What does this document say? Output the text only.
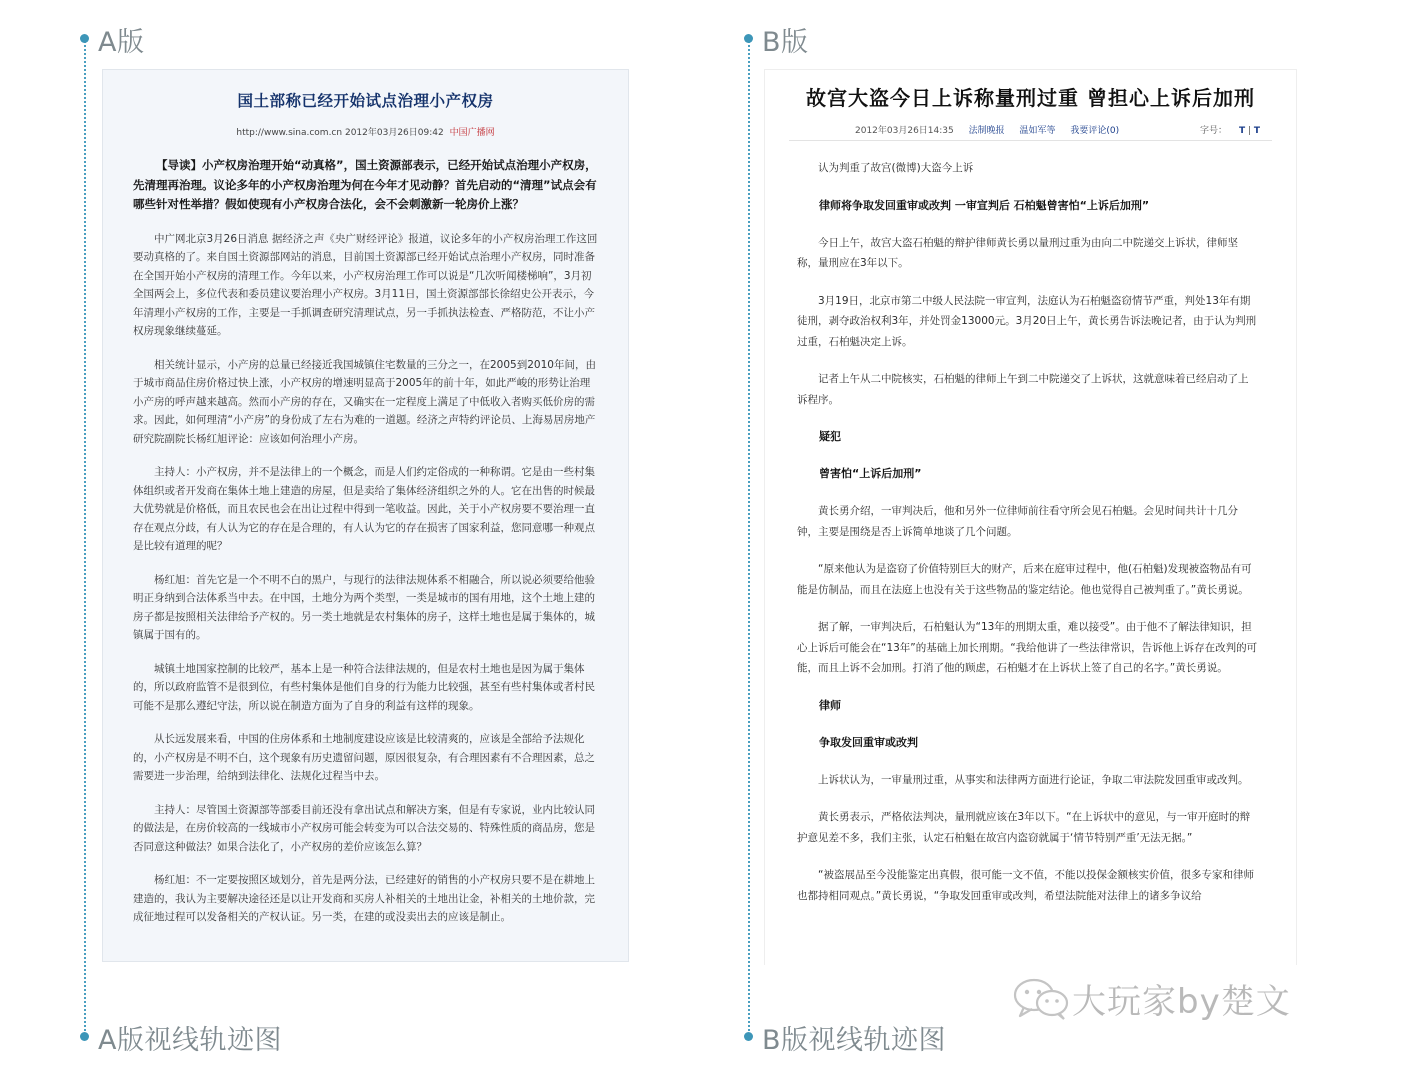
A版	B版
A版视线轨迹图	B版视线轨迹图
国土部称已经开始试点治理小产权房
http://www.sina.com.cn 2012年03月26日09:42 中国广播网
【导读】小产权房治理开始“动真格”，国土资源部表示，已经开始试点治理小产权房，先清理再治理。议论多年的小产权房治理为何在今年才见动静？首先启动的“清理”试点会有哪些针对性举措？假如使现有小产权房合法化，会不会刺激新一轮房价上涨？
中广网北京3月26日消息 据经济之声《央广财经评论》报道，议论多年的小产权房治理工作这回要动真格的了。来自国土资源部网站的消息，目前国土资源部已经开始试点治理小产权房，同时准备在全国开始小产权房的清理工作。今年以来，小产权房治理工作可以说是“几次听闻楼梯响”，3月初全国两会上，多位代表和委员建议要治理小产权房。3月11日，国土资源部部长徐绍史公开表示，今年清理小产权房的工作，主要是一手抓调查研究清理试点，另一手抓执法检查、严格防范，不让小产权房现象继续蔓延。
相关统计显示，小产房的总量已经接近我国城镇住宅数量的三分之一，在2005到2010年间，由于城市商品住房价格过快上涨，小产权房的增速明显高于2005年的前十年，如此严峻的形势让治理小产房的呼声越来越高。然而小产房的存在，又确实在一定程度上满足了中低收入者购买低价房的需求。因此，如何理清“小产房”的身份成了左右为难的一道题。经济之声特约评论员、上海易居房地产研究院副院长杨红旭评论：应该如何治理小产房。
主持人：小产权房，并不是法律上的一个概念，而是人们约定俗成的一种称谓。它是由一些村集体组织或者开发商在集体土地上建造的房屋，但是卖给了集体经济组织之外的人。它在出售的时候最大优势就是价格低，而且农民也会在出让过程中得到一笔收益。因此，关于小产权房要不要治理一直存在观点分歧，有人认为它的存在是合理的，有人认为它的存在损害了国家利益，您同意哪一种观点是比较有道理的呢？
杨红旭：首先它是一个不明不白的黑户，与现行的法律法规体系不相融合，所以说必须要给他验明正身纳到合法体系当中去。在中国，土地分为两个类型，一类是城市的国有用地，这个土地上建的房子都是按照相关法律给予产权的。另一类土地就是农村集体的房子，这样土地也是属于集体的，城镇属于国有的。
城镇土地国家控制的比较严，基本上是一种符合法律法规的，但是农村土地也是因为属于集体的，所以政府监管不是很到位，有些村集体是他们自身的行为能力比较强，甚至有些村集体或者村民可能不是那么遵纪守法，所以说在制造方面为了自身的利益有这样的现象。
从长远发展来看，中国的住房体系和土地制度建设应该是比较清爽的，应该是全部给予法规化的，小产权房是不明不白，这个现象有历史遗留问题，原因很复杂，有合理因素有不合理因素，总之需要进一步治理，给纳到法律化、法规化过程当中去。
主持人：尽管国土资源部等部委目前还没有拿出试点和解决方案，但是有专家说，业内比较认同的做法是，在房价较高的一线城市小产权房可能会转变为可以合法交易的、特殊性质的商品房，您是否同意这种做法？如果合法化了，小产权房的差价应该怎么算？
杨红旭：不一定要按照区域划分，首先是两分法，已经建好的销售的小产权房只要不是在耕地上建造的，我认为主要解决途径还是以让开发商和买房人补相关的土地出让金，补相关的土地价款，完成征地过程可以发备相关的产权认证。另一类，在建的或没卖出去的应该是制止。
故宫大盗今日上诉称量刑过重 曾担心上诉后加刑
2012年03月26日14:35 法制晚报 温如军等 我要评论(0)	字号： T | T
认为判重了故宫(微博)大盗今上诉
律师将争取发回重审或改判 一审宣判后 石柏魁曾害怕“上诉后加刑”
今日上午，故宫大盗石柏魁的辩护律师黄长勇以量刑过重为由向二中院递交上诉状，律师坚称，量刑应在3年以下。
3月19日，北京市第二中级人民法院一审宣判，法庭认为石柏魁盗窃情节严重，判处13年有期徒刑，剥夺政治权利3年，并处罚金13000元。3月20日上午，黄长勇告诉法晚记者，由于认为判刑过重，石柏魁决定上诉。
记者上午从二中院核实，石柏魁的律师上午到二中院递交了上诉状，这就意味着已经启动了上诉程序。
疑犯
曾害怕“上诉后加刑”
黄长勇介绍，一审判决后，他和另外一位律师前往看守所会见石柏魁。会见时间共计十几分钟，主要是围绕是否上诉简单地谈了几个问题。
“原来他认为是盗窃了价值特别巨大的财产，后来在庭审过程中，他(石柏魁)发现被盗物品有可能是仿制品，而且在法庭上也没有关于这些物品的鉴定结论。他也觉得自己被判重了。”黄长勇说。
据了解，一审判决后，石柏魁认为“13年的刑期太重，难以接受”。由于他不了解法律知识，担心上诉后可能会在“13年”的基础上加长刑期。“我给他讲了一些法律常识，告诉他上诉存在改判的可能，而且上诉不会加刑。打消了他的顾虑，石柏魁才在上诉状上签了自己的名字。”黄长勇说。
律师
争取发回重审或改判
上诉状认为，一审量刑过重，从事实和法律两方面进行论证，争取二审法院发回重审或改判。
黄长勇表示，严格依法判决，量刑就应该在3年以下。“在上诉状中的意见，与一审开庭时的辩护意见差不多，我们主张，认定石柏魁在故宫内盗窃就属于‘情节特别严重’无法无据。”
“被盗展品至今没能鉴定出真假，很可能一文不值，不能以投保金额核实价值，很多专家和律师也都持相同观点。”黄长勇说，“争取发回重审或改判，希望法院能对法律上的诸多争议给
大玩家by楚文
